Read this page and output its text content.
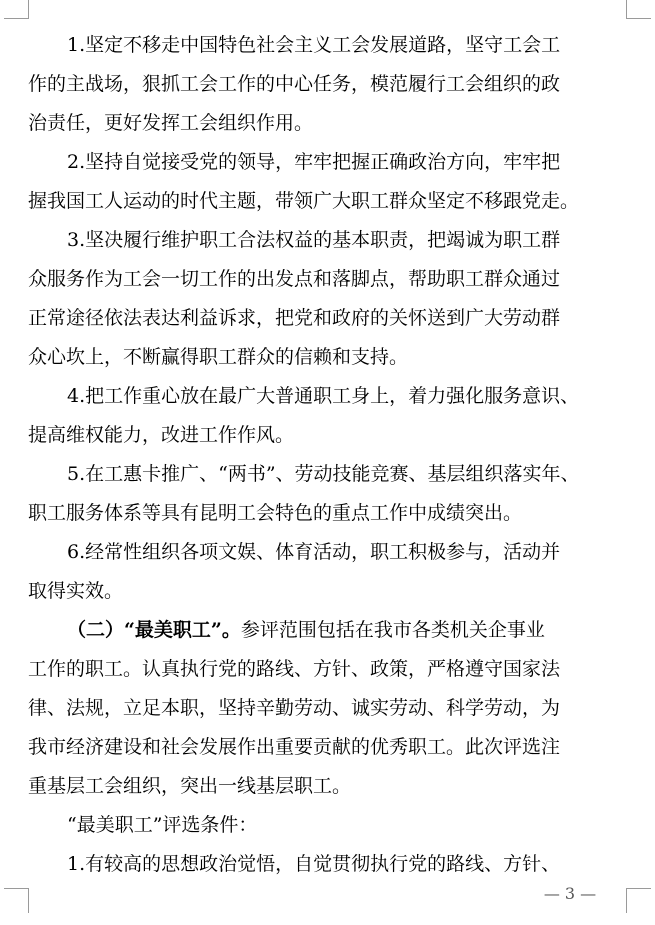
1.坚定不移走中国特色社会主义工会发展道路，坚守工会工
作的主战场，狠抓工会工作的中心任务，模范履行工会组织的政
治责任，更好发挥工会组织作用。
2.坚持自觉接受党的领导，牢牢把握正确政治方向，牢牢把
握我国工人运动的时代主题，带领广大职工群众坚定不移跟党走。
3.坚决履行维护职工合法权益的基本职责，把竭诚为职工群
众服务作为工会一切工作的出发点和落脚点，帮助职工群众通过
正常途径依法表达利益诉求，把党和政府的关怀送到广大劳动群
众心坎上，不断赢得职工群众的信赖和支持。
4.把工作重心放在最广大普通职工身上，着力强化服务意识、
提高维权能力，改进工作作风。
5.在工惠卡推广、“两书”、劳动技能竞赛、基层组织落实年、
职工服务体系等具有昆明工会特色的重点工作中成绩突出。
6.经常性组织各项文娱、体育活动，职工积极参与，活动并
取得实效。
（二）“最美职工”。参评范围包括在我市各类机关企事业
工作的职工。认真执行党的路线、方针、政策，严格遵守国家法
律、法规，立足本职，坚持辛勤劳动、诚实劳动、科学劳动，为
我市经济建设和社会发展作出重要贡献的优秀职工。此次评选注
重基层工会组织，突出一线基层职工。
“最美职工”评选条件：
1.有较高的思想政治觉悟，自觉贯彻执行党的路线、方针、
— 3 —
